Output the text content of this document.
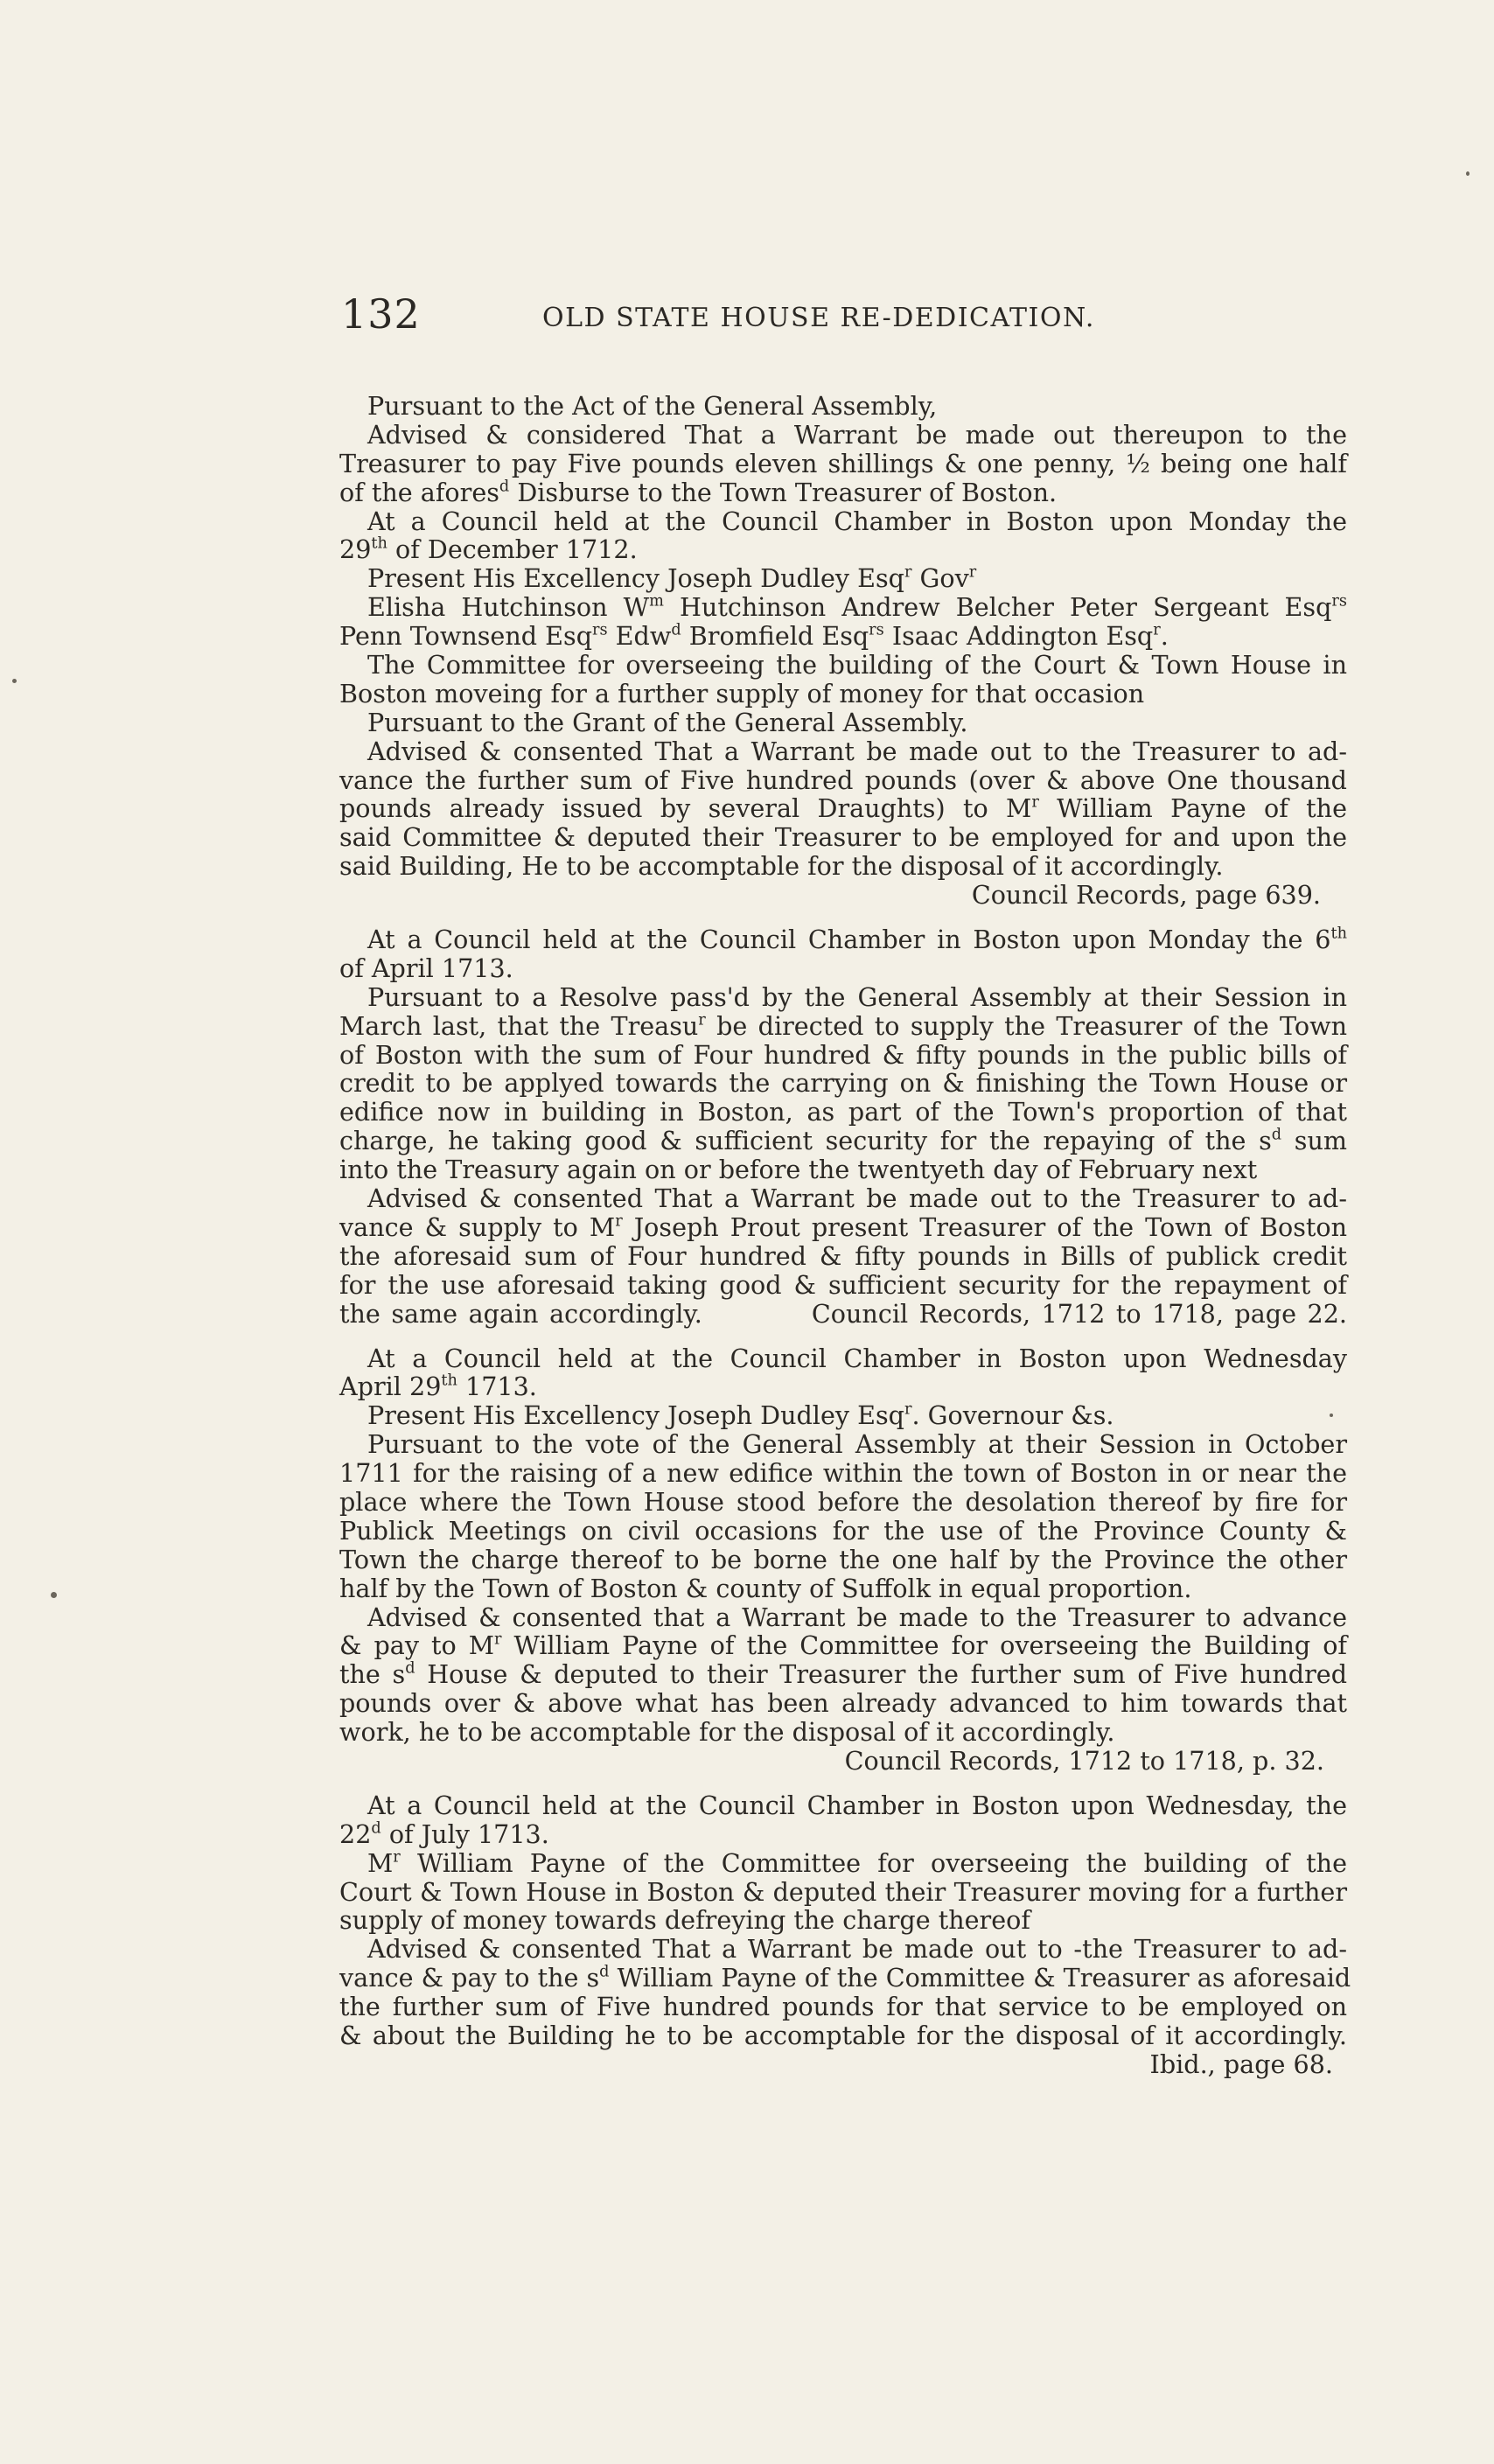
132	OLD STATE HOUSE RE-DEDICATION.
Pursuant to the Act of the General Assembly,
Advised & considered That a Warrant be made out thereupon to the
Treasurer to pay Five pounds eleven shillings & one penny, ½ being one half
of the afores$^d$ Disburse to the Town Treasurer of Boston.
At a Council held at the Council Chamber in Boston upon Monday the
29th of December 1712.
Present His Excellency Joseph Dudley Esq$^r$ Gov$^r$
Elisha Hutchinson $W^m$ Hutchinson Andrew Belcher Peter Sergeant Esq$^{rs}$
Penn Townsend Esq$^{rs}$ Edw$^d$ Bromfield Esq$^{rs}$ Isaac Addington Esq$^r$.
The Committee for overseeing the building of the Court & Town House in
Boston moveing for a further supply of money for that occasion
Pursuant to the Grant of the General Assembly.
Advised & consented That a Warrant be made out to the Treasurer to ad-
vance the further sum of Five hundred pounds (over & above One thousand
pounds already issued by several Draughts) to $M^r$ William Payne of the
said Committee & deputed their Treasurer to be employed for and upon the
said Building, He to be accomptable for the disposal of it accordingly.
Council Records, page 639.
At a Council held at the Council Chamber in Boston upon Monday the 6th
of April 1713.
Pursuant to a Resolve pass'd by the General Assembly at their Session in
March last, that the Treasu$^r$ be directed to supply the Treasurer of the Town
of Boston with the sum of Four hundred & fifty pounds in the public bills of
credit to be applyed towards the carrying on & finishing the Town House or
edifice now in building in Boston, as part of the Town's proportion of that
charge, he taking good & sufficient security for the repaying of the $s^d$ sum
into the Treasury again on or before the twentyeth day of February next
Advised & consented That a Warrant be made out to the Treasurer to ad-
vance & supply to $M^r$ Joseph Prout present Treasurer of the Town of Boston
the aforesaid sum of Four hundred & fifty pounds in Bills of publick credit
for the use aforesaid taking good & sufficient security for the repayment of
the same again accordingly.          Council Records, 1712 to 1718, page 22.
At a Council held at the Council Chamber in Boston upon Wednesday
April 29th 1713.
Present His Excellency Joseph Dudley Esq$^r$. Governour &s.
Pursuant to the vote of the General Assembly at their Session in October
1711 for the raising of a new edifice within the town of Boston in or near the
place where the Town House stood before the desolation thereof by fire for
Publick Meetings on civil occasions for the use of the Province County &
Town the charge thereof to be borne the one half by the Province the other
half by the Town of Boston & county of Suffolk in equal proportion.
Advised & consented that a Warrant be made to the Treasurer to advance
& pay to $M^r$ William Payne of the Committee for overseeing the Building of
the $s^d$ House & deputed to their Treasurer the further sum of Five hundred
pounds over & above what has been already advanced to him towards that
work, he to be accomptable for the disposal of it accordingly.
Council Records, 1712 to 1718, p. 32.
At a Council held at the Council Chamber in Boston upon Wednesday, the
22$^d$ of July 1713.
$M^r$ William Payne of the Committee for overseeing the building of the
Court & Town House in Boston & deputed their Treasurer moving for a further
supply of money towards defreying the charge thereof
Advised & consented That a Warrant be made out to -the Treasurer to ad-
vance & pay to the $s^d$ William Payne of the Committee & Treasurer as aforesaid
the further sum of Five hundred pounds for that service to be employed on
& about the Building he to be accomptable for the disposal of it accordingly.
Ibid., page 68.
